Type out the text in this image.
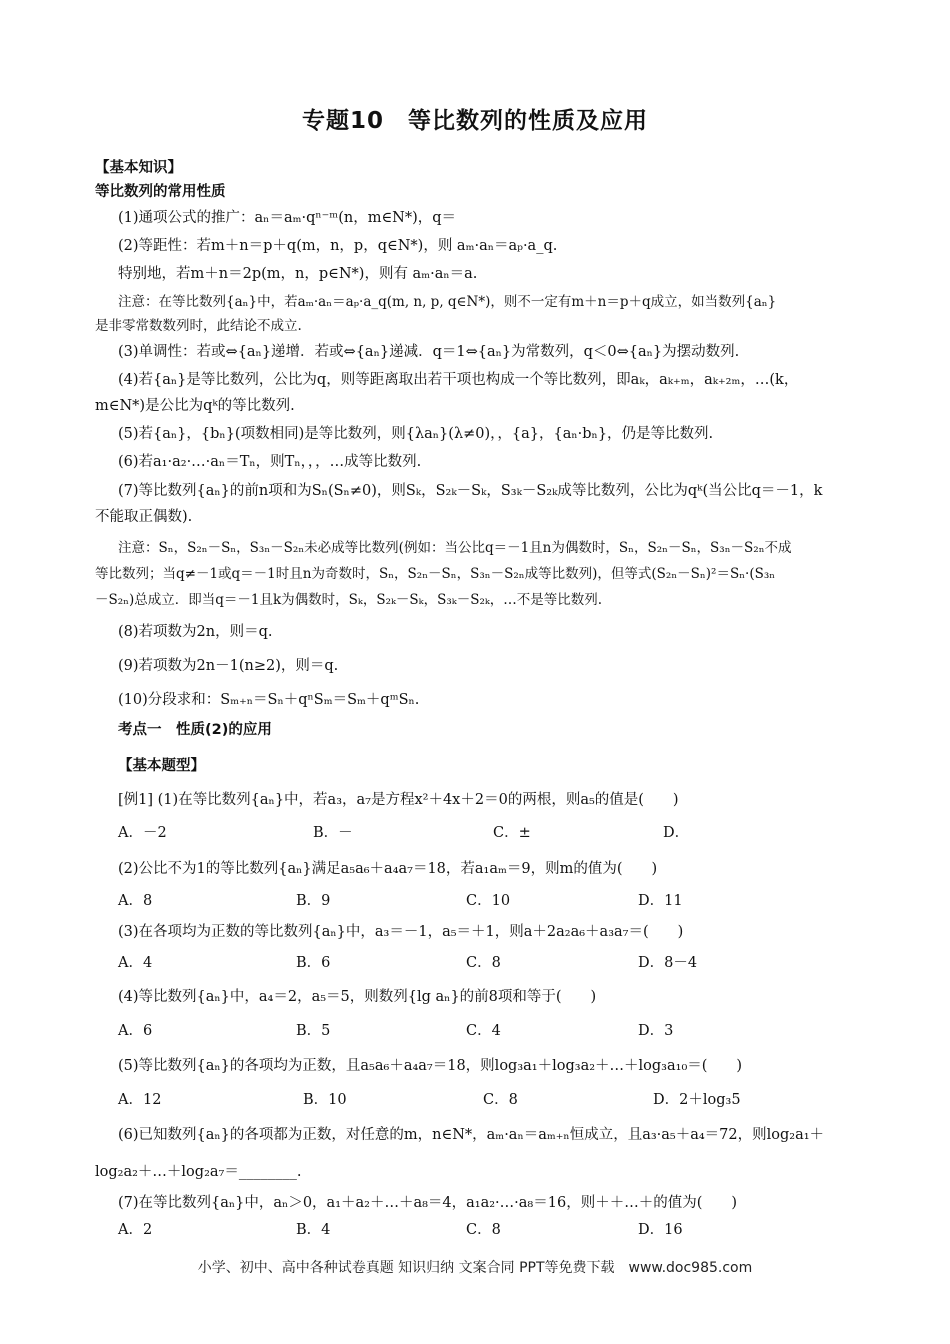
专题10　等比数列的性质及应用
【基本知识】
等比数列的常用性质
(1)通项公式的推广：aₙ＝aₘ·qⁿ⁻ᵐ(n，m∈N*)，q＝
(2)等距性：若m＋n＝p＋q(m，n，p，q∈N*)，则 aₘ·aₙ＝aₚ·a_q.
特别地，若m＋n＝2p(m，n，p∈N*)，则有 aₘ·aₙ＝a.
注意：在等比数列{aₙ}中，若aₘ·aₙ＝aₚ·a_q(m, n, p, q∈N*)，则不一定有m＋n＝p＋q成立，如当数列{aₙ}
是非零常数数列时，此结论不成立.
(3)单调性：若或⇔{aₙ}递增．若或⇔{aₙ}递减．q＝1⇔{aₙ}为常数列，q＜0⇔{aₙ}为摆动数列.
(4)若{aₙ}是等比数列，公比为q，则等距离取出若干项也构成一个等比数列，即aₖ，aₖ₊ₘ，aₖ₊₂ₘ，…(k，
m∈N*)是公比为qᵏ的等比数列.
(5)若{aₙ}，{bₙ}(项数相同)是等比数列，则{λaₙ}(λ≠0)，，{a}，{aₙ·bₙ}，仍是等比数列.
(6)若a₁·a₂·…·aₙ＝Tₙ，则Tₙ，，，…成等比数列.
(7)等比数列{aₙ}的前n项和为Sₙ(Sₙ≠0)，则Sₖ，S₂ₖ－Sₖ，S₃ₖ－S₂ₖ成等比数列，公比为qᵏ(当公比q＝－1，k
不能取正偶数).
注意：Sₙ，S₂ₙ－Sₙ，S₃ₙ－S₂ₙ未必成等比数列(例如：当公比q＝－1且n为偶数时，Sₙ，S₂ₙ－Sₙ，S₃ₙ－S₂ₙ不成
等比数列；当q≠－1或q＝－1时且n为奇数时，Sₙ，S₂ₙ－Sₙ，S₃ₙ－S₂ₙ成等比数列)，但等式(S₂ₙ－Sₙ)²＝Sₙ·(S₃ₙ
－S₂ₙ)总成立．即当q＝－1且k为偶数时，Sₖ，S₂ₖ－Sₖ，S₃ₖ－S₂ₖ，…不是等比数列.
(8)若项数为2n，则＝q.
(9)若项数为2n－1(n≥2)，则＝q.
(10)分段求和：Sₘ₊ₙ＝Sₙ＋qⁿSₘ＝Sₘ＋qᵐSₙ.
考点一　性质(2)的应用
【基本题型】
[例1] (1)在等比数列{aₙ}中，若a₃，a₇是方程x²＋4x＋2＝0的两根，则a₅的值是(　　)
A．－2	B．－	C．±	D．
(2)公比不为1的等比数列{aₙ}满足a₅a₆＋a₄a₇＝18，若a₁aₘ＝9，则m的值为(　　)
A．8	B．9	C．10	D．11
(3)在各项均为正数的等比数列{aₙ}中，a₃＝－1，a₅＝＋1，则a＋2a₂a₆＋a₃a₇＝(　　)
A．4	B．6	C．8	D．8－4
(4)等比数列{aₙ}中，a₄＝2，a₅＝5，则数列{lg aₙ}的前8项和等于(　　)
A．6	B．5	C．4	D．3
(5)等比数列{aₙ}的各项均为正数，且a₅a₆＋a₄a₇＝18，则log₃a₁＋log₃a₂＋…＋log₃a₁₀＝(　　)
A．12	B．10	C．8	D．2＋log₃5
(6)已知数列{aₙ}的各项都为正数，对任意的m，n∈N*，aₘ·aₙ＝aₘ₊ₙ恒成立，且a₃·a₅＋a₄＝72，则log₂a₁＋
log₂a₂＋…＋log₂a₇＝________.
(7)在等比数列{aₙ}中，aₙ＞0，a₁＋a₂＋…＋a₈＝4，a₁a₂·…·a₈＝16，则＋＋…＋的值为(　　)
A．2	B．4	C．8	D．16
小学、初中、高中各种试卷真题 知识归纳 文案合同 PPT等免费下载　www.doc985.com
